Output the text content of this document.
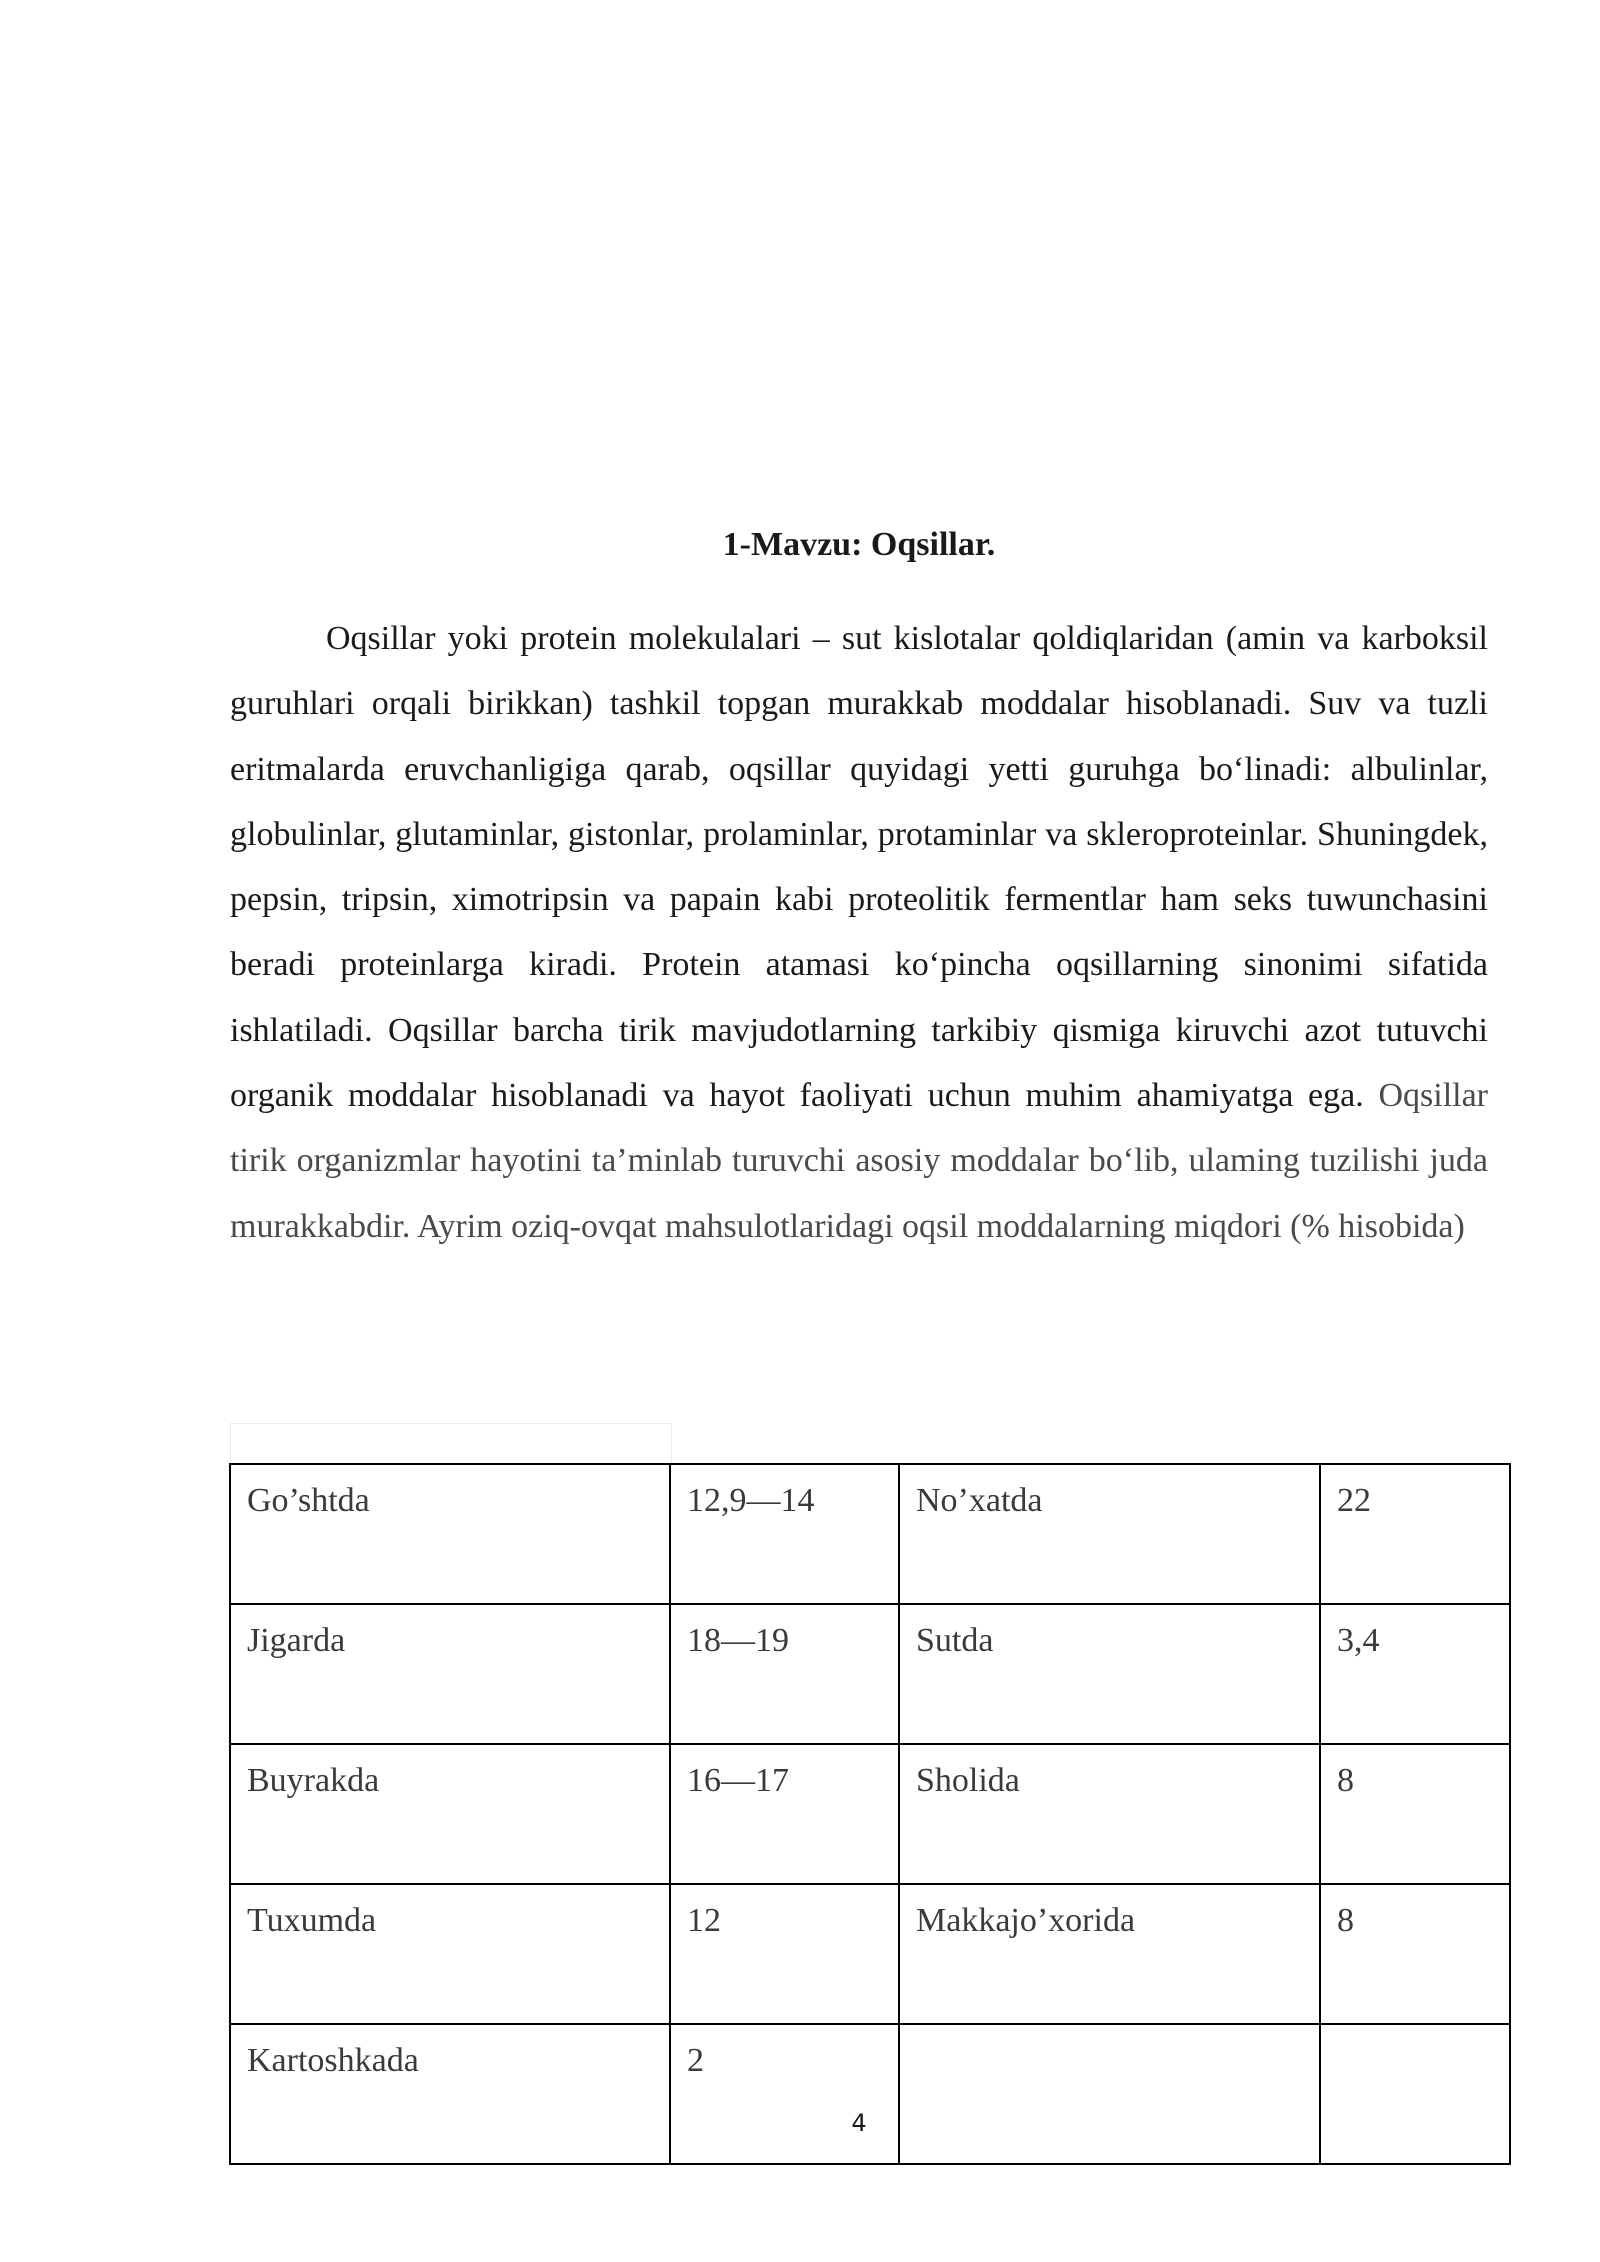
1-Mavzu: Oqsillar.

Oqsillar yoki protein molekulalari – sut kislotalar qoldiqlaridan (amin va karboksil guruhlari orqali birikkan) tashkil topgan murakkab moddalar hisoblanadi. Suv va tuzli eritmalarda eruvchanligiga qarab, oqsillar quyidagi yetti guruhga bo‘linadi: albulinlar, globulinlar, glutaminlar, gistonlar, prolaminlar, protaminlar va skleroproteinlar. Shuningdek, pepsin, tripsin, ximotripsin va papain kabi proteolitik fermentlar ham seks tuwunchasini beradi proteinlarga kiradi. Protein atamasi ko‘pincha oqsillarning sinonimi sifatida ishlatiladi. Oqsillar barcha tirik mavjudotlarning tarkibiy qismiga kiruvchi azot tutuvchi organik moddalar hisoblanadi va hayot faoliyati uchun muhim ahamiyatga ega. Oqsillar tirik organizmlar hayotini ta’minlab turuvchi asosiy moddalar bo‘lib, ulaming tuzilishi juda murakkabdir. Ayrim oziq-ovqat mahsulotlaridagi oqsil moddalarning miqdori (% hisobida)

Go’shtda	12,9—14	No’xatda	22
Jigarda	18—19	Sutda	3,4
Buyrakda	16—17	Sholida	8
Tuxumda	12	Makkajo’xorida	8
Kartoshkada	2		
4
